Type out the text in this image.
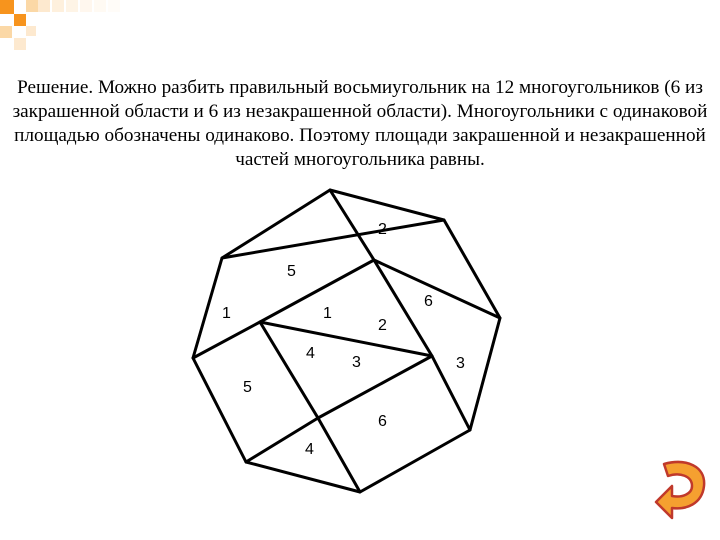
Решение. Можно разбить правильный восьмиугольник на 12 многоугольников (6 из закрашенной области и 6 из незакрашенной области). Многоугольники с одинаковой площадью обозначены одинаково. Поэтому площади закрашенной и незакрашенной частей многоугольника равны.

2
5
1	1
6
2
4
3	3
5
6
4
